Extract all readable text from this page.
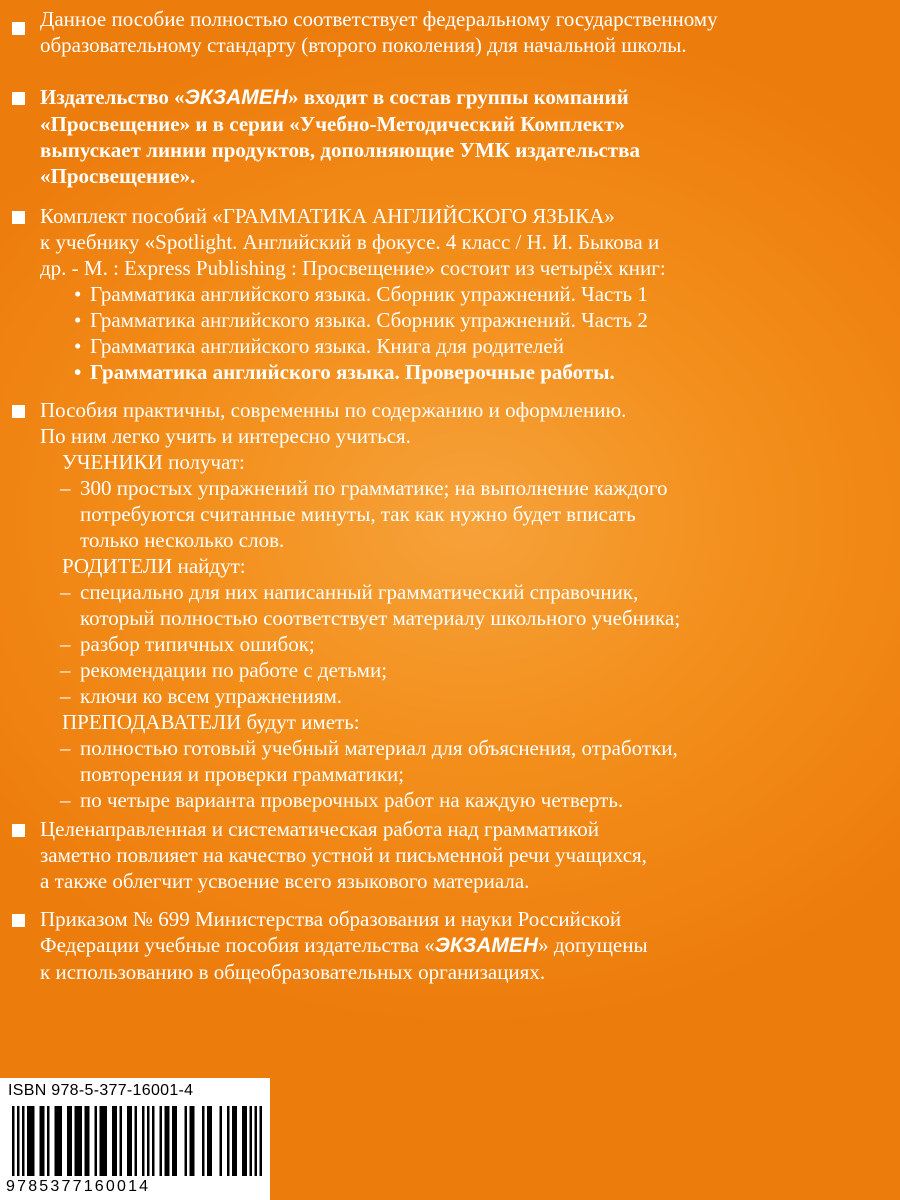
Данное пособие полностью соответствует федеральному государственному
образовательному стандарту (второго поколения) для начальной школы.
Издательство «ЭКЗАМЕН» входит в состав группы компаний
«Просвещение» и в серии «Учебно-Методический Комплект»
выпускает линии продуктов, дополняющие УМК издательства
«Просвещение».
Комплект пособий «ГРАММАТИКА АНГЛИЙСКОГО ЯЗЫКА»
к учебнику «Spotlight. Английский в фокусе. 4 класс / Н. И. Быкова и
др. - М. : Express Publishing : Просвещение» состоит из четырёх книг:
• Грамматика английского языка. Сборник упражнений. Часть 1
• Грамматика английского языка. Сборник упражнений. Часть 2
• Грамматика английского языка. Книга для родителей
• Грамматика английского языка. Проверочные работы.
Пособия практичны, современны по содержанию и оформлению.
По ним легко учить и интересно учиться.
УЧЕНИКИ получат:
– 300 простых упражнений по грамматике; на выполнение каждого
потребуются считанные минуты, так как нужно будет вписать
только несколько слов.
РОДИТЕЛИ найдут:
– специально для них написанный грамматический справочник,
который полностью соответствует материалу школьного учебника;
– разбор типичных ошибок;
– рекомендации по работе с детьми;
– ключи ко всем упражнениям.
ПРЕПОДАВАТЕЛИ будут иметь:
– полностью готовый учебный материал для объяснения, отработки,
повторения и проверки грамматики;
– по четыре варианта проверочных работ на каждую четверть.
Целенаправленная и систематическая работа над грамматикой
заметно повлияет на качество устной и письменной речи учащихся,
а также облегчит усвоение всего языкового материала.
Приказом № 699 Министерства образования и науки Российской
Федерации учебные пособия издательства «ЭКЗАМЕН» допущены
к использованию в общеобразовательных организациях.
ISBN 978-5-377-16001-4
9785377160014
